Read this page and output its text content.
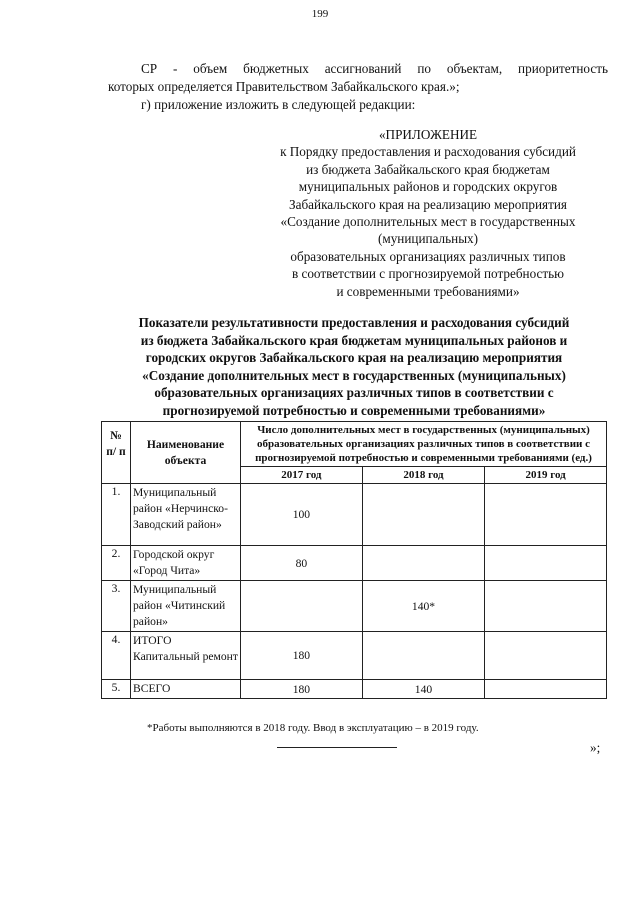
199
СР - объем бюджетных ассигнований по объектам, приоритетность
которых определяется Правительством Забайкальского края.»;
г) приложение изложить в следующей редакции:
«ПРИЛОЖЕНИЕ
к Порядку предоставления и расходования субсидий
из бюджета Забайкальского края бюджетам
муниципальных районов и городских округов
Забайкальского края на реализацию мероприятия
«Создание дополнительных мест в государственных
(муниципальных)
образовательных организациях различных типов
в соответствии с прогнозируемой потребностью
и современными требованиями»
Показатели результативности предоставления и расходования субсидий
из бюджета Забайкальского края бюджетам муниципальных районов и
городских округов Забайкальского края на реализацию мероприятия
«Создание дополнительных мест в государственных (муниципальных)
образовательных организациях различных типов в соответствии с
прогнозируемой потребностью и современными требованиями»
№ п/ п	Наименование объекта	Число дополнительных мест в государственных (муниципальных) образовательных организациях различных типов в соответствии с прогнозируемой потребностью и современными требованиями (ед.)		
		2017 год	2018 год	2019 год
1.	Муниципальный район «Нерчинско-Заводский район»	100		
2.	Городской округ «Город Чита»	80		
3.	Муниципальный район «Читинский район»		140*	
4.	ИТОГО Капитальный ремонт	180		
5.	ВСЕГО	180	140	
*Работы выполняются в 2018 году. Ввод в эксплуатацию – в 2019 году.
»;
